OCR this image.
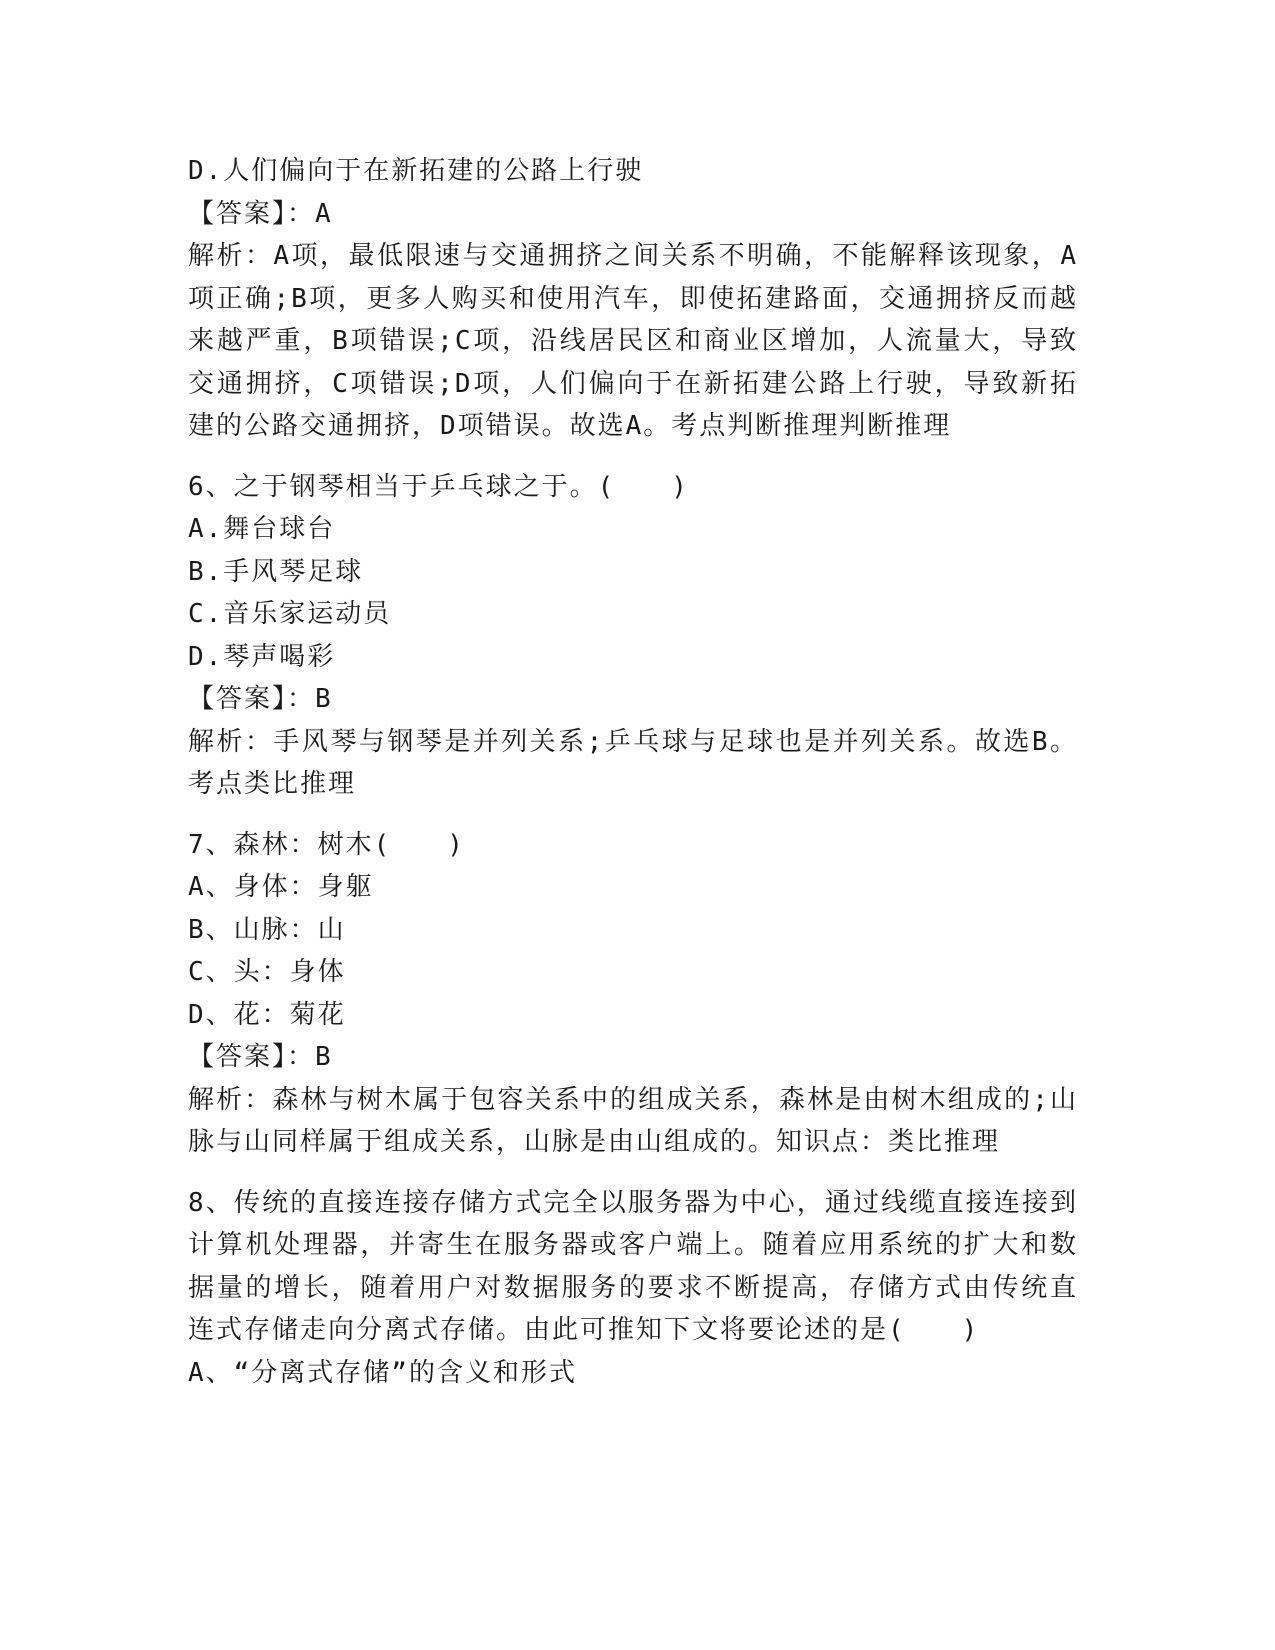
D.人们偏向于在新拓建的公路上行驶
【答案】：A
解析：A项，最低限速与交通拥挤之间关系不明确，不能解释该现象，A项正确;B项，更多人购买和使用汽车，即使拓建路面，交通拥挤反而越来越严重，B项错误;C项，沿线居民区和商业区增加，人流量大，导致交通拥挤，C项错误;D项，人们偏向于在新拓建公路上行驶，导致新拓建的公路交通拥挤，D项错误。故选A。考点判断推理判断推理
6、之于钢琴相当于乒乓球之于。(　　)
A.舞台球台
B.手风琴足球
C.音乐家运动员
D.琴声喝彩
【答案】：B
解析：手风琴与钢琴是并列关系;乒乓球与足球也是并列关系。故选B。考点类比推理
7、森林：树木(　　)
A、身体：身躯
B、山脉：山
C、头：身体
D、花：菊花
【答案】：B
解析：森林与树木属于包容关系中的组成关系，森林是由树木组成的;山脉与山同样属于组成关系，山脉是由山组成的。知识点：类比推理
8、传统的直接连接存储方式完全以服务器为中心，通过线缆直接连接到计算机处理器，并寄生在服务器或客户端上。随着应用系统的扩大和数据量的增长，随着用户对数据服务的要求不断提高，存储方式由传统直连式存储走向分离式存储。由此可推知下文将要论述的是(　　)
A、“分离式存储”的含义和形式
